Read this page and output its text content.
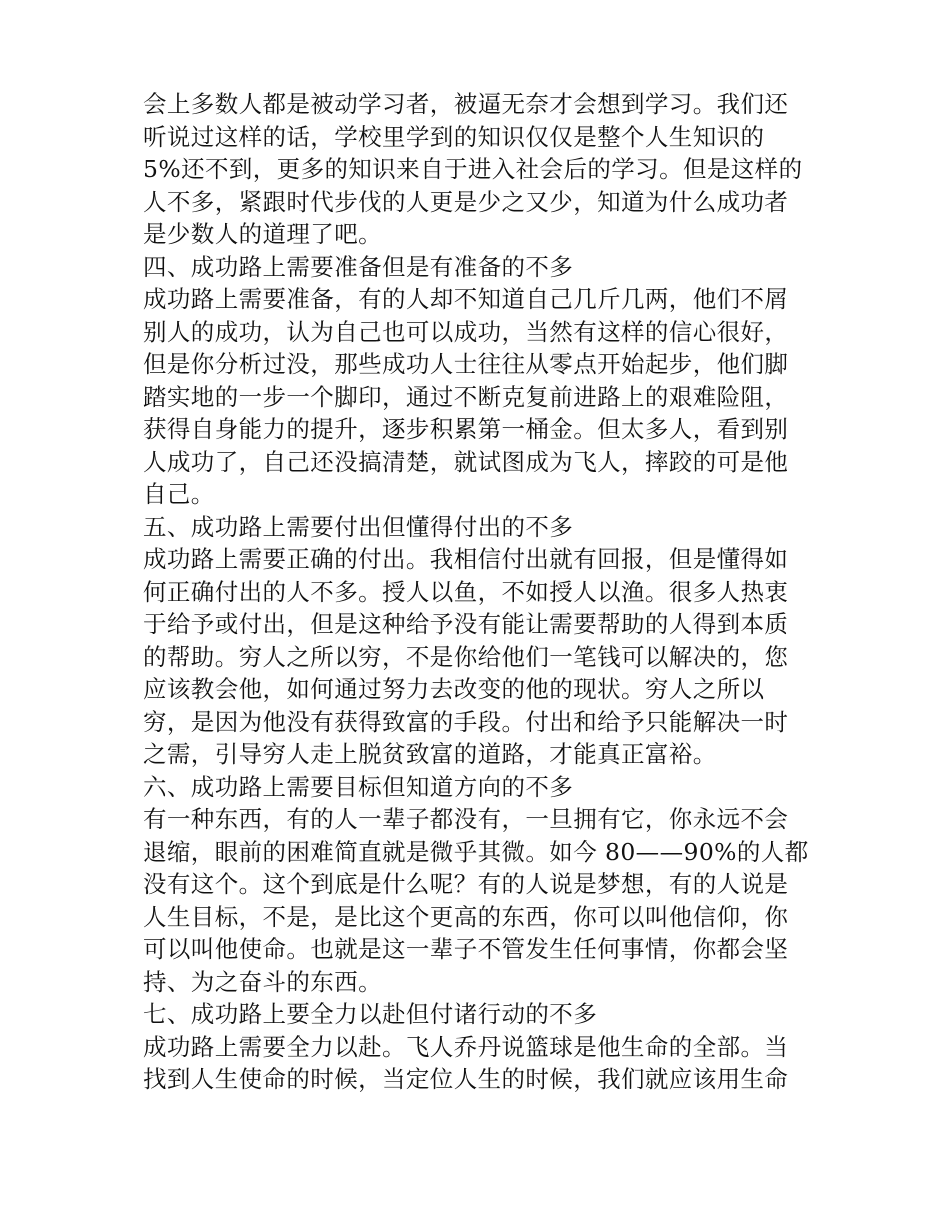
会上多数人都是被动学习者，被逼无奈才会想到学习。我们还
听说过这样的话，学校里学到的知识仅仅是整个人生知识的
5%还不到，更多的知识来自于进入社会后的学习。但是这样的
人不多，紧跟时代步伐的人更是少之又少，知道为什么成功者
是少数人的道理了吧。
四、成功路上需要准备但是有准备的不多
成功路上需要准备，有的人却不知道自己几斤几两，他们不屑
别人的成功，认为自己也可以成功，当然有这样的信心很好，
但是你分析过没，那些成功人士往往从零点开始起步，他们脚
踏实地的一步一个脚印，通过不断克复前进路上的艰难险阻，
获得自身能力的提升，逐步积累第一桶金。但太多人，看到别
人成功了，自己还没搞清楚，就试图成为飞人，摔跤的可是他
自己。
五、成功路上需要付出但懂得付出的不多
成功路上需要正确的付出。我相信付出就有回报，但是懂得如
何正确付出的人不多。授人以鱼，不如授人以渔。很多人热衷
于给予或付出，但是这种给予没有能让需要帮助的人得到本质
的帮助。穷人之所以穷，不是你给他们一笔钱可以解决的，您
应该教会他，如何通过努力去改变的他的现状。穷人之所以
穷，是因为他没有获得致富的手段。付出和给予只能解决一时
之需，引导穷人走上脱贫致富的道路，才能真正富裕。
六、成功路上需要目标但知道方向的不多
有一种东西，有的人一辈子都没有，一旦拥有它，你永远不会
退缩，眼前的困难简直就是微乎其微。如今 80——90%的人都
没有这个。这个到底是什么呢？有的人说是梦想，有的人说是
人生目标，不是，是比这个更高的东西，你可以叫他信仰，你
可以叫他使命。也就是这一辈子不管发生任何事情，你都会坚
持、为之奋斗的东西。
七、成功路上要全力以赴但付诸行动的不多
成功路上需要全力以赴。飞人乔丹说篮球是他生命的全部。当
找到人生使命的时候，当定位人生的时候，我们就应该用生命
